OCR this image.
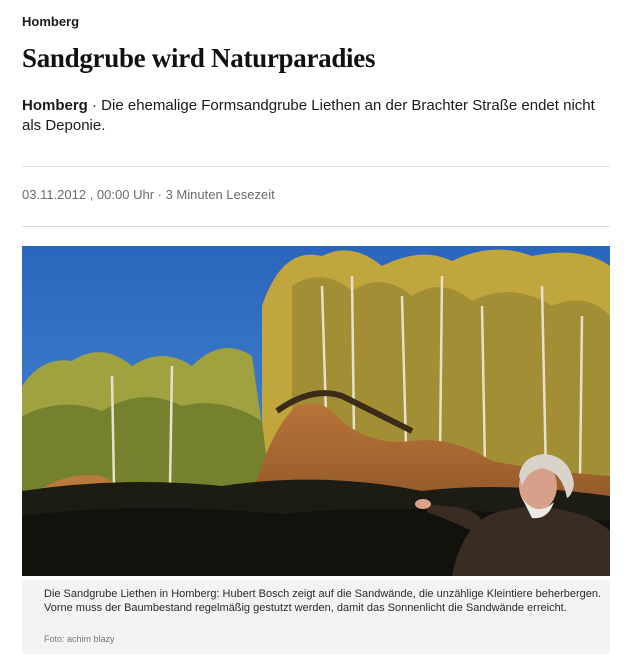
Homberg
Sandgrube wird Naturparadies
Homberg · Die ehemalige Formsandgrube Liethen an der Brachter Straße endet nicht als Deponie.
03.11.2012 , 00:00 Uhr · 3 Minuten Lesezeit
Die Sandgrube Liethen in Homberg: Hubert Bosch zeigt auf die Sandwände, die unzählige Kleintiere beherbergen. Vorne muss der Baumbestand regelmäßig gestutzt werden, damit das Sonnenlicht die Sandwände erreicht.
Foto: achim blazy
